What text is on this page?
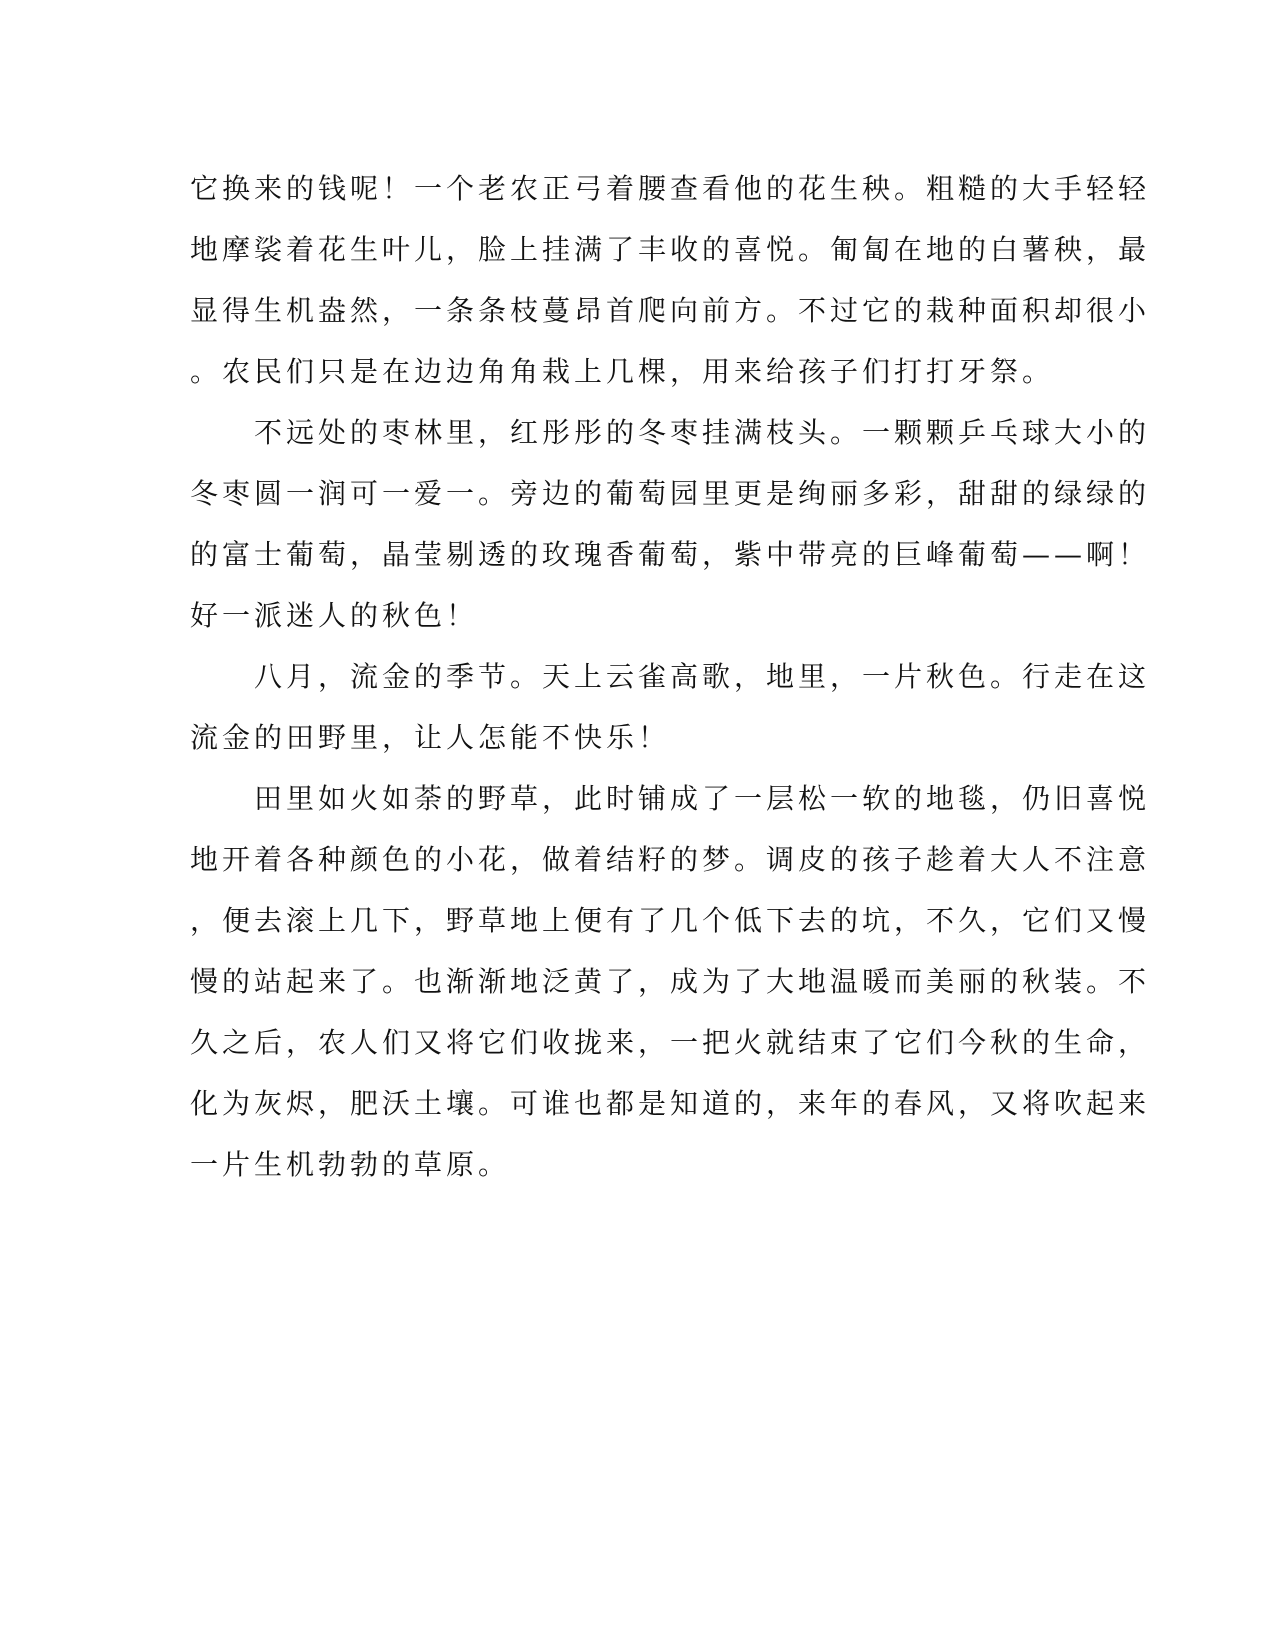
它换来的钱呢！一个老农正弓着腰查看他的花生秧。粗糙的大手轻轻
地摩裟着花生叶儿，脸上挂满了丰收的喜悦。匍匐在地的白薯秧，最
显得生机盎然，一条条枝蔓昂首爬向前方。不过它的栽种面积却很小
。农民们只是在边边角角栽上几棵，用来给孩子们打打牙祭。
　　不远处的枣林里，红彤彤的冬枣挂满枝头。一颗颗乒乓球大小的
冬枣圆一润可一爱一。旁边的葡萄园里更是绚丽多彩，甜甜的绿绿的
的富士葡萄，晶莹剔透的玫瑰香葡萄，紫中带亮的巨峰葡萄——啊！
好一派迷人的秋色！
　　八月，流金的季节。天上云雀高歌，地里，一片秋色。行走在这
流金的田野里，让人怎能不快乐！
　　田里如火如荼的野草，此时铺成了一层松一软的地毯，仍旧喜悦
地开着各种颜色的小花，做着结籽的梦。调皮的孩子趁着大人不注意
，便去滚上几下，野草地上便有了几个低下去的坑，不久，它们又慢
慢的站起来了。也渐渐地泛黄了，成为了大地温暖而美丽的秋装。不
久之后，农人们又将它们收拢来，一把火就结束了它们今秋的生命，
化为灰烬，肥沃土壤。可谁也都是知道的，来年的春风，又将吹起来
一片生机勃勃的草原。
